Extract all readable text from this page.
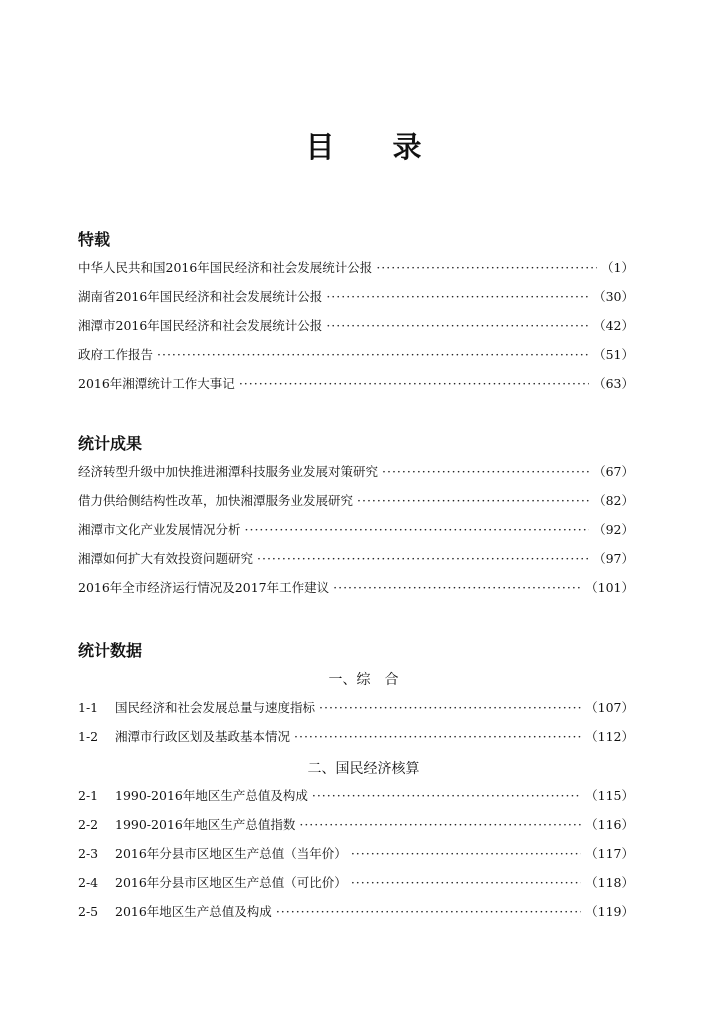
目 录
特载
中华人民共和国2016年国民经济和社会发展统计公报 ·····	（1）
湖南省2016年国民经济和社会发展统计公报 ·····	（30）
湘潭市2016年国民经济和社会发展统计公报 ·····	（42）
政府工作报告 ·····	（51）
2016年湘潭统计工作大事记 ·····	（63）
统计成果
经济转型升级中加快推进湘潭科技服务业发展对策研究 ·····	（67）
借力供给侧结构性改革，加快湘潭服务业发展研究 ·····	（82）
湘潭市文化产业发展情况分析 ·····	（92）
湘潭如何扩大有效投资问题研究 ·····	（97）
2016年全市经济运行情况及2017年工作建议 ·····	（101）
统计数据
一、综　合
1-1	国民经济和社会发展总量与速度指标 ·····	（107）
1-2	湘潭市行政区划及基政基本情况 ·····	（112）
二、国民经济核算
2-1	1990-2016年地区生产总值及构成 ·····	（115）
2-2	1990-2016年地区生产总值指数 ·····	（116）
2-3	2016年分县市区地区生产总值（当年价） ·····	（117）
2-4	2016年分县市区地区生产总值（可比价） ·····	（118）
2-5	2016年地区生产总值及构成 ·····	（119）
